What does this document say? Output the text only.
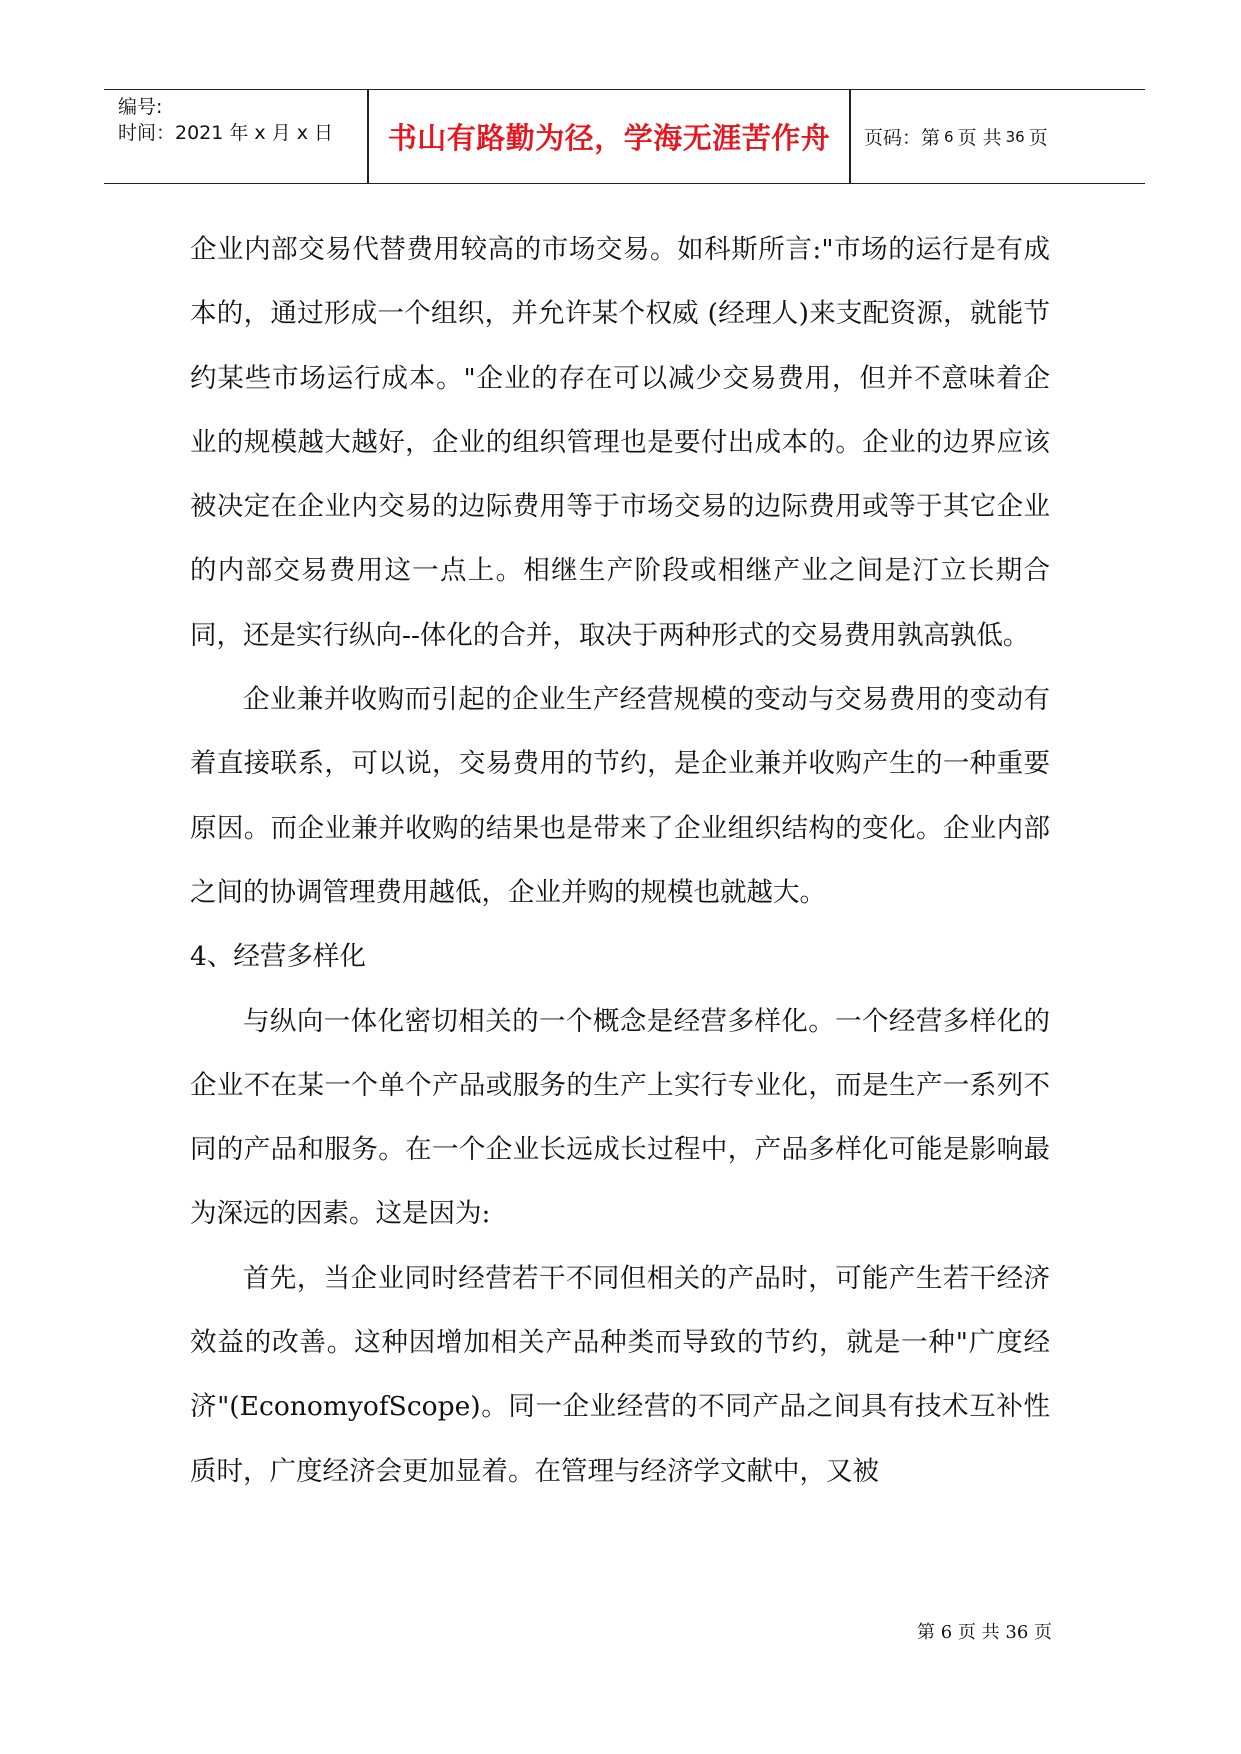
编号:
时间：2021 年 x 月 x 日	书山有路勤为径，学海无涯苦作舟	页码：第 6 页 共 36 页

企业内部交易代替费用较高的市场交易。如科斯所言:"市场的运行是有成本的，通过形成一个组织，并允许某个权威 (经理人)来支配资源，就能节约某些市场运行成本。"企业的存在可以减少交易费用，但并不意味着企业的规模越大越好，企业的组织管理也是要付出成本的。企业的边界应该被决定在企业内交易的边际费用等于市场交易的边际费用或等于其它企业的内部交易费用这一点上。相继生产阶段或相继产业之间是汀立长期合同，还是实行纵向--体化的合并，取决于两种形式的交易费用孰高孰低。

企业兼并收购而引起的企业生产经营规模的变动与交易费用的变动有着直接联系，可以说，交易费用的节约，是企业兼并收购产生的一种重要原因。而企业兼并收购的结果也是带来了企业组织结构的变化。企业内部之间的协调管理费用越低，企业并购的规模也就越大。

4、经营多样化

与纵向一体化密切相关的一个概念是经营多样化。一个经营多样化的企业不在某一个单个产品或服务的生产上实行专业化，而是生产一系列不同的产品和服务。在一个企业长远成长过程中，产品多样化可能是影响最为深远的因素。这是因为:

首先，当企业同时经营若干不同但相关的产品时，可能产生若干经济效益的改善。这种因增加相关产品种类而导致的节约，就是一种"广度经济"(EconomyofScope)。同一企业经营的不同产品之间具有技术互补性质时，广度经济会更加显着。在管理与经济学文献中，又被

第 6 页 共 36 页
